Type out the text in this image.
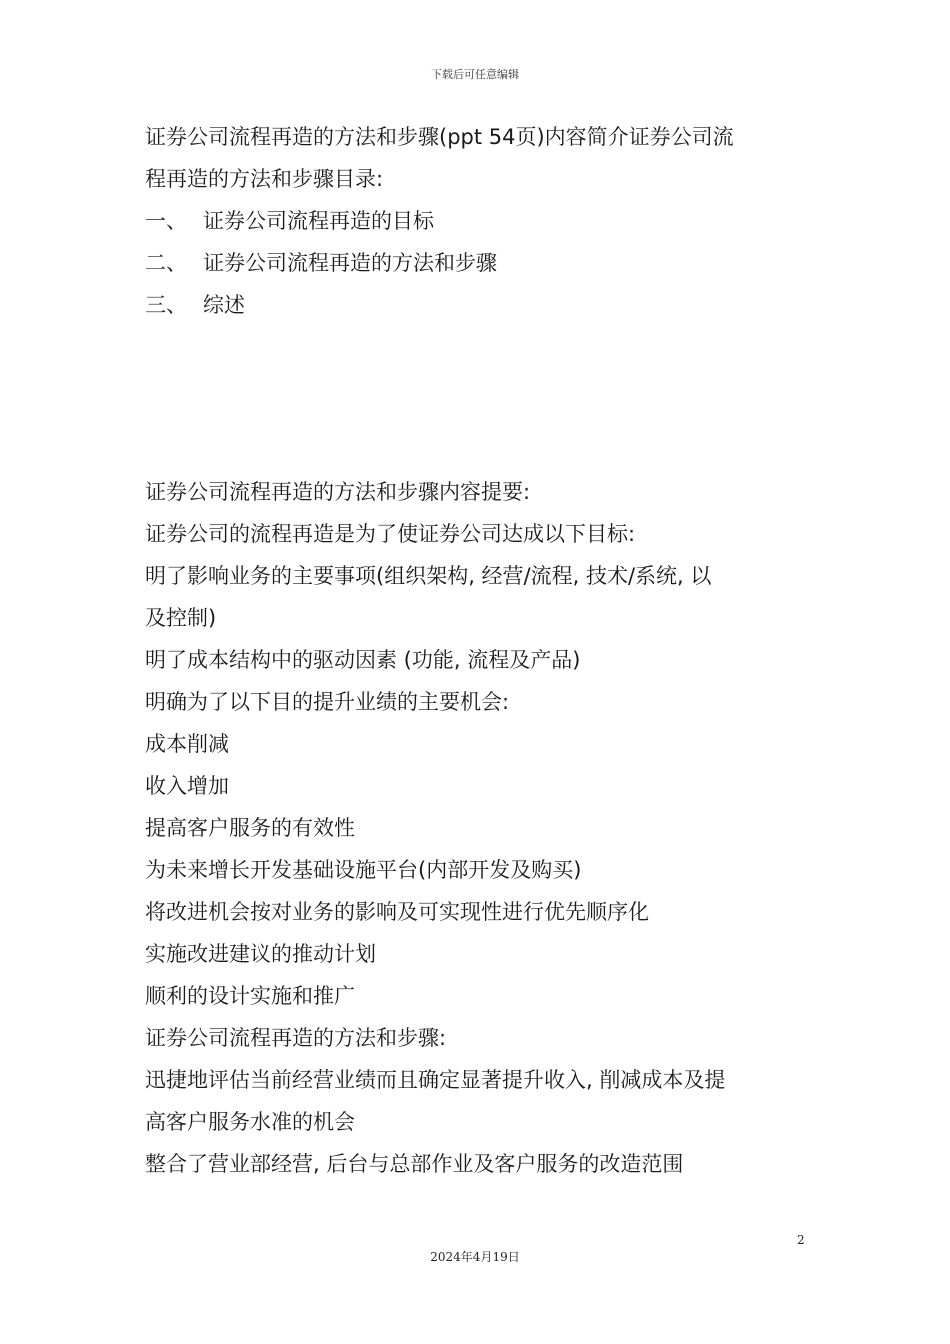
下载后可任意编辑
证券公司流程再造的方法和步骤(ppt 54页)内容简介证券公司流
程再造的方法和步骤目录:
一、 证券公司流程再造的目标
二、 证券公司流程再造的方法和步骤
三、 综述
证券公司流程再造的方法和步骤内容提要:
证券公司的流程再造是为了使证券公司达成以下目标:
明了影响业务的主要事项(组织架构, 经营/流程, 技术/系统, 以
及控制)
明了成本结构中的驱动因素 (功能, 流程及产品)
明确为了以下目的提升业绩的主要机会:
成本削减
收入增加
提高客户服务的有效性
为未来增长开发基础设施平台(内部开发及购买)
将改进机会按对业务的影响及可实现性进行优先顺序化
实施改进建议的推动计划
顺利的设计实施和推广
证券公司流程再造的方法和步骤:
迅捷地评估当前经营业绩而且确定显著提升收入, 削减成本及提
高客户服务水准的机会
整合了营业部经营, 后台与总部作业及客户服务的改造范围
2
2024年4月19日
